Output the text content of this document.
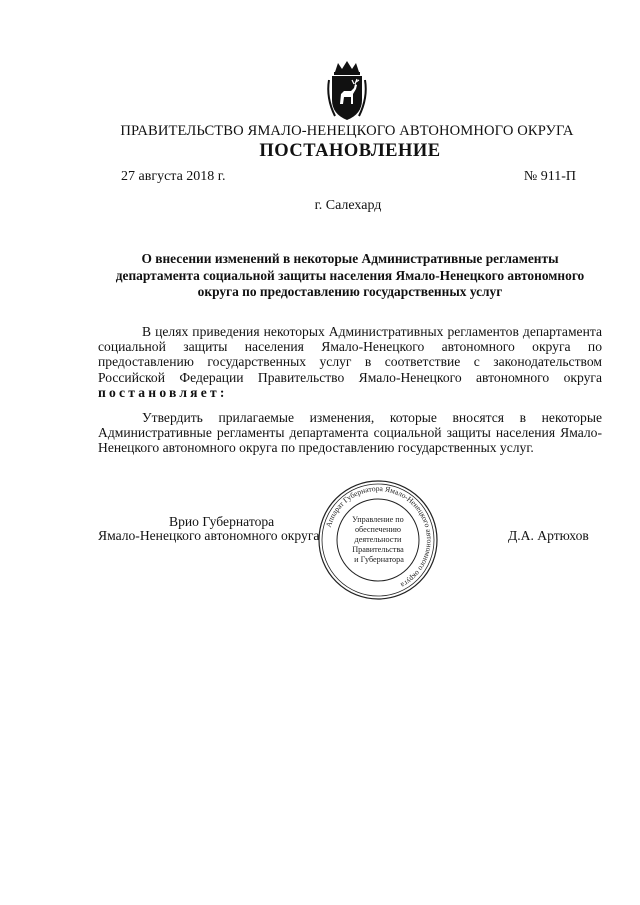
ПРАВИТЕЛЬСТВО ЯМАЛО-НЕНЕЦКОГО АВТОНОМНОГО ОКРУГА
ПОСТАНОВЛЕНИЕ
27 августа 2018 г.	№ 911-П
г. Салехард
О внесении изменений в некоторые Административные регламенты департамента социальной защиты населения Ямало-Ненецкого автономного округа по предоставлению государственных услуг
В целях приведения некоторых Административных регламентов департамента социальной защиты населения Ямало-Ненецкого автономного округа по предоставлению государственных услуг в соответствие с законодательством Российской Федерации Правительство Ямало-Ненецкого автономного округа постановляет:
Утвердить прилагаемые изменения, которые вносятся в некоторые Административные регламенты департамента социальной защиты населения Ямало-Ненецкого автономного округа по предоставлению государственных услуг.
Врио Губернатора
Ямало-Ненецкого автономного округа	Д.А. Артюхов
Аппарат Губернатора Ямало-Ненецкого автономного округа
Управление по обеспечению деятельности Правительства и Губернатора
